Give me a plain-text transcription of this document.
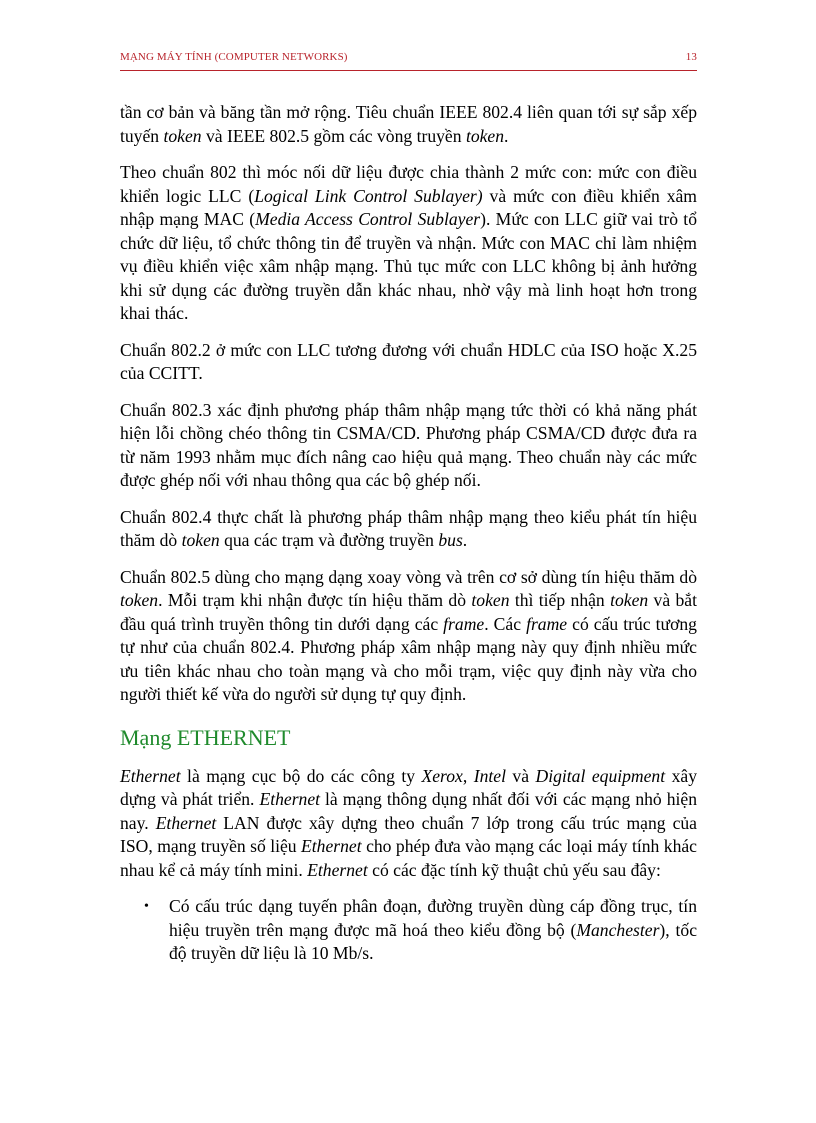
MẠNG MÁY TÍNH (COMPUTER NETWORKS)	13

tần cơ bản và băng tần mở rộng. Tiêu chuẩn IEEE 802.4 liên quan tới sự sắp xếp tuyến token và IEEE 802.5 gồm các vòng truyền token.

Theo chuẩn 802 thì móc nối dữ liệu được chia thành 2 mức con: mức con điều khiển logic LLC (Logical Link Control Sublayer) và mức con điều khiển xâm nhập mạng MAC (Media Access Control Sublayer). Mức con LLC giữ vai trò tổ chức dữ liệu, tổ chức thông tin để truyền và nhận. Mức con MAC chỉ làm nhiệm vụ điều khiển việc xâm nhập mạng. Thủ tục mức con LLC không bị ảnh hưởng khi sử dụng các đường truyền dẫn khác nhau, nhờ vậy mà linh hoạt hơn trong khai thác.

Chuẩn 802.2 ở mức con LLC tương đương với chuẩn HDLC của ISO hoặc X.25 của CCITT.

Chuẩn 802.3 xác định phương pháp thâm nhập mạng tức thời có khả năng phát hiện lỗi chồng chéo thông tin CSMA/CD. Phương pháp CSMA/CD được đưa ra từ năm 1993 nhằm mục đích nâng cao hiệu quả mạng. Theo chuẩn này các mức được ghép nối với nhau thông qua các bộ ghép nối.

Chuẩn 802.4 thực chất là phương pháp thâm nhập mạng theo kiểu phát tín hiệu thăm dò token qua các trạm và đường truyền bus.

Chuẩn 802.5 dùng cho mạng dạng xoay vòng và trên cơ sở dùng tín hiệu thăm dò token. Mỗi trạm khi nhận được tín hiệu thăm dò token thì tiếp nhận token và bắt đầu quá trình truyền thông tin dưới dạng các frame. Các frame có cấu trúc tương tự như của chuẩn 802.4. Phương pháp xâm nhập mạng này quy định nhiều mức ưu tiên khác nhau cho toàn mạng và cho mỗi trạm, việc quy định này vừa cho người thiết kế vừa do người sử dụng tự quy định.

Mạng ETHERNET

Ethernet là mạng cục bộ do các công ty Xerox, Intel và Digital equipment xây dựng và phát triển. Ethernet là mạng thông dụng nhất đối với các mạng nhỏ hiện nay. Ethernet LAN được xây dựng theo chuẩn 7 lớp trong cấu trúc mạng của ISO, mạng truyền số liệu Ethernet cho phép đưa vào mạng các loại máy tính khác nhau kể cả máy tính mini. Ethernet có các đặc tính kỹ thuật chủ yếu sau đây:

• Có cấu trúc dạng tuyến phân đoạn, đường truyền dùng cáp đồng trục, tín hiệu truyền trên mạng được mã hoá theo kiểu đồng bộ (Manchester), tốc độ truyền dữ liệu là 10 Mb/s.
